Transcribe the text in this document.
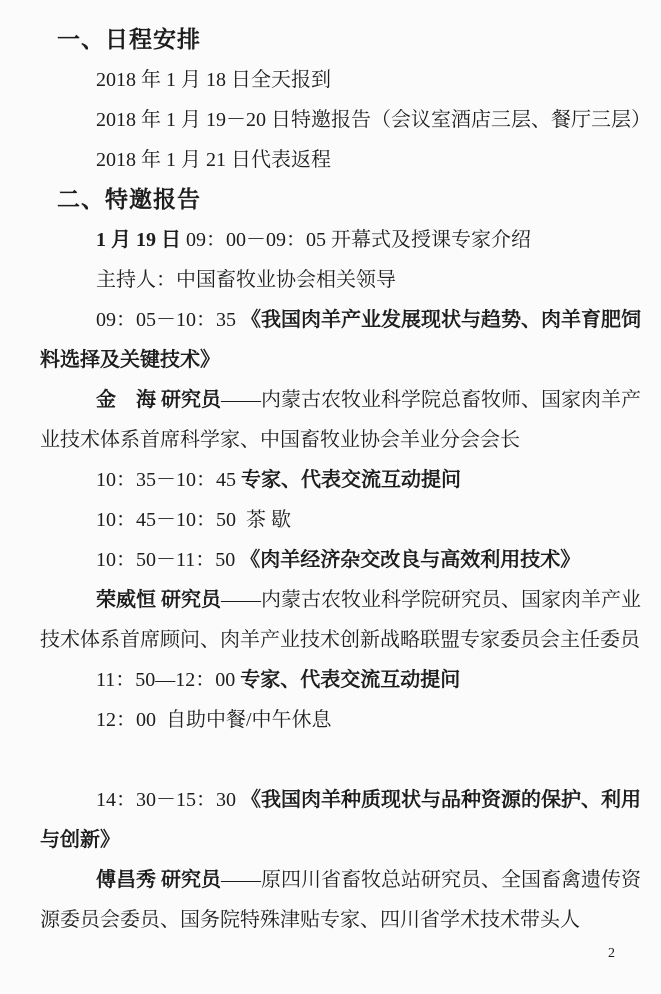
一、日程安排
2018 年 1 月 18 日全天报到
2018 年 1 月 19－20 日特邀报告（会议室酒店三层、餐厅三层）
2018 年 1 月 21 日代表返程
二、特邀报告
1 月 19 日 09：00－09：05 开幕式及授课专家介绍
主持人：中国畜牧业协会相关领导
09：05－10：35 《我国肉羊产业发展现状与趋势、肉羊育肥饲
料选择及关键技术》
金　海 研究员——内蒙古农牧业科学院总畜牧师、国家肉羊产
业技术体系首席科学家、中国畜牧业协会羊业分会会长
10：35－10：45 专家、代表交流互动提问
10：45－10：50  茶 歇
10：50－11：50 《肉羊经济杂交改良与高效利用技术》
荣威恒 研究员——内蒙古农牧业科学院研究员、国家肉羊产业
技术体系首席顾问、肉羊产业技术创新战略联盟专家委员会主任委员
11：50—12：00 专家、代表交流互动提问
12：00  自助中餐/中午休息
14：30－15：30 《我国肉羊种质现状与品种资源的保护、利用
与创新》
傅昌秀 研究员——原四川省畜牧总站研究员、全国畜禽遗传资
源委员会委员、国务院特殊津贴专家、四川省学术技术带头人
2
